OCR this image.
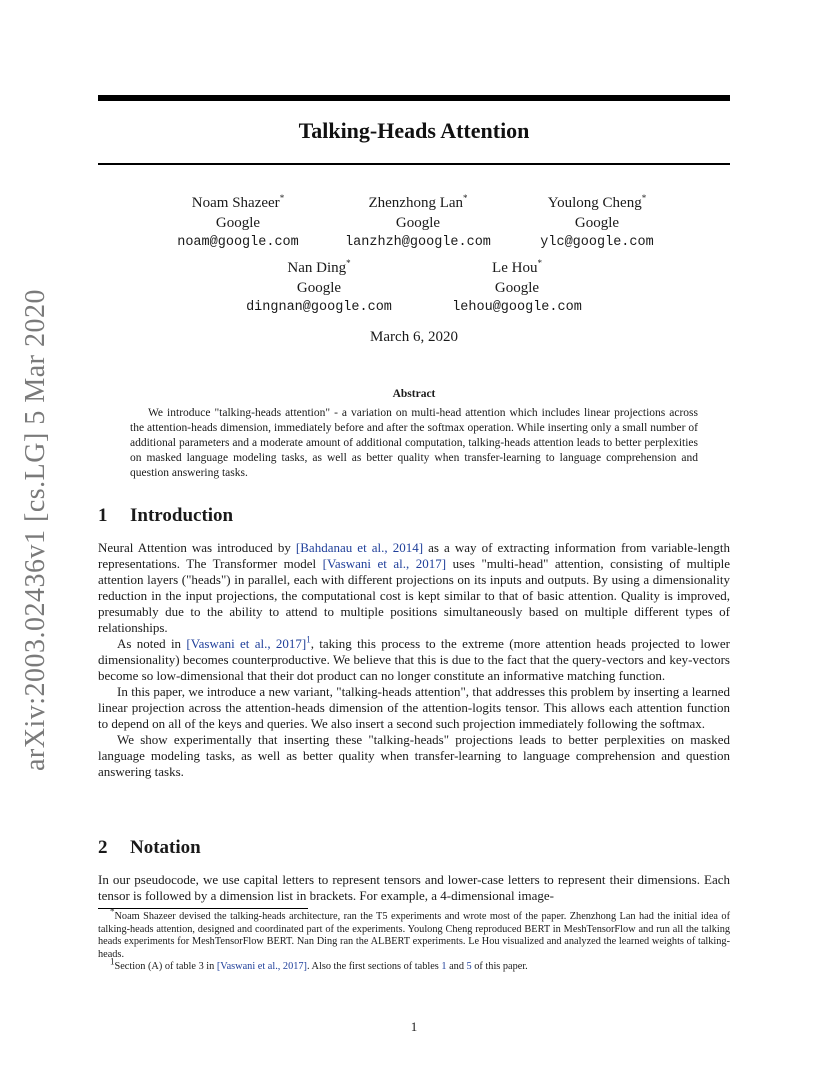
arXiv:2003.02436v1 [cs.LG] 5 Mar 2020
Talking-Heads Attention
Noam Shazeer*
Google
noam@google.com
Zhenzhong Lan*
Google
lanzhzh@google.com
Youlong Cheng*
Google
ylc@google.com
Nan Ding*
Google
dingnan@google.com
Le Hou*
Google
lehou@google.com
March 6, 2020
Abstract
We introduce "talking-heads attention" - a variation on multi-head attention which includes linear projections across the attention-heads dimension, immediately before and after the softmax operation. While inserting only a small number of additional parameters and a moderate amount of additional computation, talking-heads attention leads to better perplexities on masked language modeling tasks, as well as better quality when transfer-learning to language comprehension and question answering tasks.
1 Introduction

Neural Attention was introduced by [Bahdanau et al., 2014] as a way of extracting information from variable-length representations. The Transformer model [Vaswani et al., 2017] uses "multi-head" attention, consisting of multiple attention layers ("heads") in parallel, each with different projections on its inputs and outputs. By using a dimensionality reduction in the input projections, the computational cost is kept similar to that of basic attention. Quality is improved, presumably due to the ability to attend to multiple positions simultaneously based on multiple different types of relationships.

As noted in [Vaswani et al., 2017]$^1$, taking this process to the extreme (more attention heads projected to lower dimensionality) becomes counterproductive. We believe that this is due to the fact that the query-vectors and key-vectors become so low-dimensional that their dot product can no longer constitute an informative matching function.

In this paper, we introduce a new variant, "talking-heads attention", that addresses this problem by inserting a learned linear projection across the attention-heads dimension of the attention-logits tensor. This allows each attention function to depend on all of the keys and queries. We also insert a second such projection immediately following the softmax.

We show experimentally that inserting these "talking-heads" projections leads to better perplexities on masked language modeling tasks, as well as better quality when transfer-learning to language comprehension and question answering tasks.

2 Notation

In our pseudocode, we use capital letters to represent tensors and lower-case letters to represent their dimensions. Each tensor is followed by a dimension list in brackets. For example, a 4-dimensional image-

*Noam Shazeer devised the talking-heads architecture, ran the T5 experiments and wrote most of the paper. Zhenzhong Lan had the initial idea of talking-heads attention, designed and coordinated part of the experiments. Youlong Cheng reproduced BERT in MeshTensorFlow and run all the talking heads experiments for MeshTensorFlow BERT. Nan Ding ran the ALBERT experiments. Le Hou visualized and analyzed the learned weights of talking-heads.

$^1$Section (A) of table 3 in [Vaswani et al., 2017]. Also the first sections of tables 1 and 5 of this paper.

1
